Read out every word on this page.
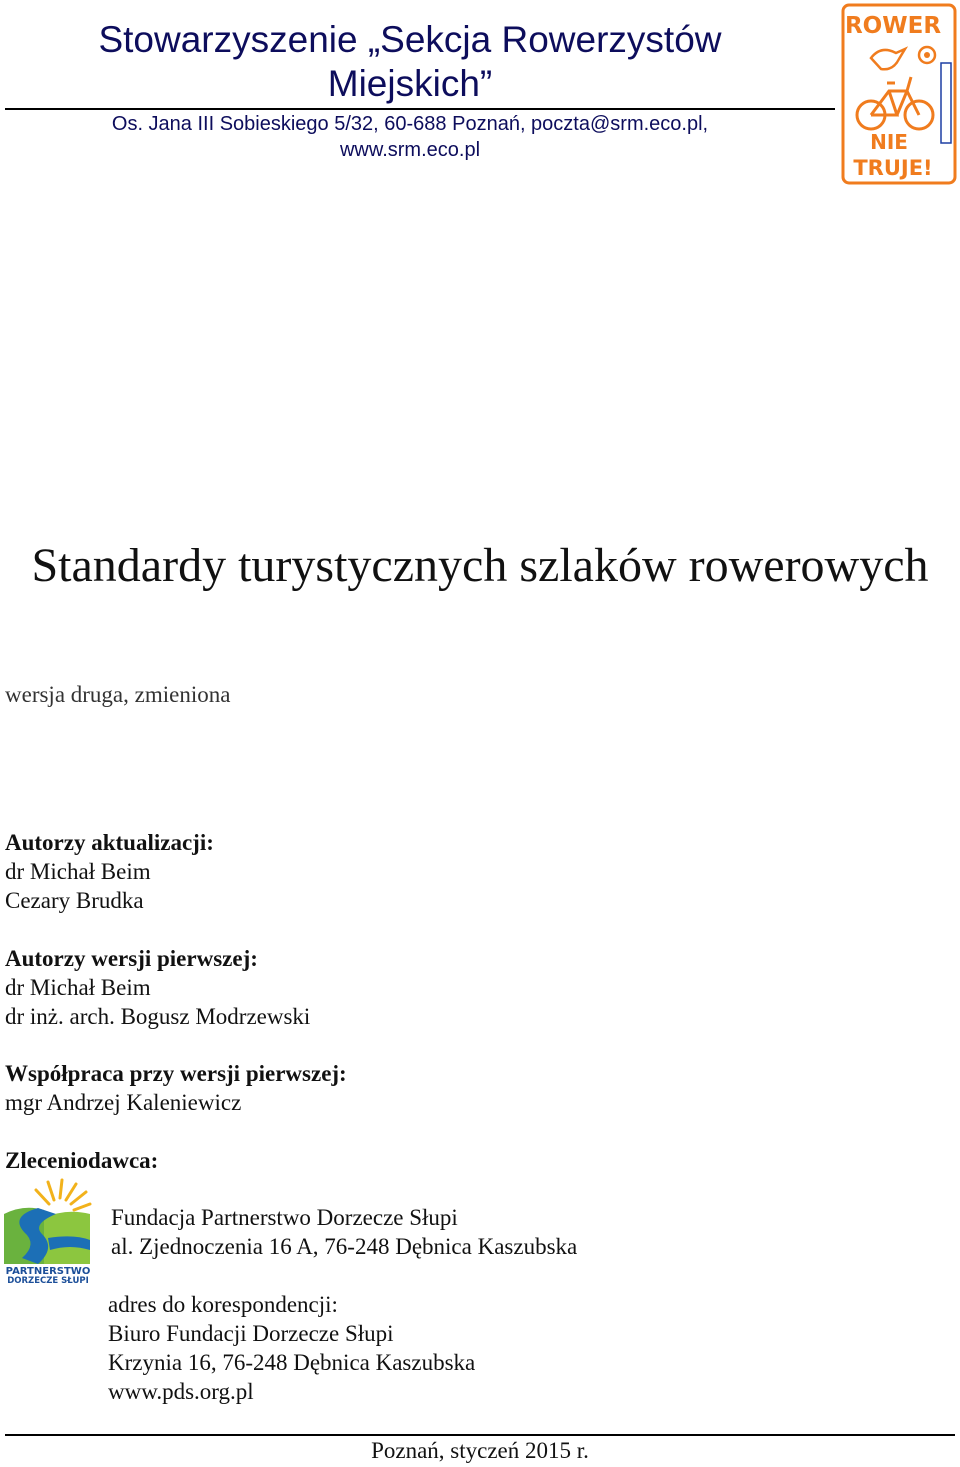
Stowarzyszenie „Sekcja Rowerzystów
Miejskich”
Os. Jana III Sobieskiego 5/32, 60-688 Poznań, poczta@srm.eco.pl,
www.srm.eco.pl
ROWER
NIE
TRUJE!
Standardy turystycznych szlaków rowerowych
wersja druga, zmieniona
Autorzy aktualizacji:
dr Michał Beim
Cezary Brudka
Autorzy wersji pierwszej:
dr Michał Beim
dr inż. arch. Bogusz Modrzewski
Współpraca przy wersji pierwszej:
mgr Andrzej Kaleniewicz
Zleceniodawca:
PARTNERSTWO
DORZECZE SŁUPI
Fundacja Partnerstwo Dorzecze Słupi
al. Zjednoczenia 16 A, 76-248 Dębnica Kaszubska
adres do korespondencji:
Biuro Fundacji Dorzecze Słupi
Krzynia 16, 76-248 Dębnica Kaszubska
www.pds.org.pl
Poznań, styczeń 2015 r.
